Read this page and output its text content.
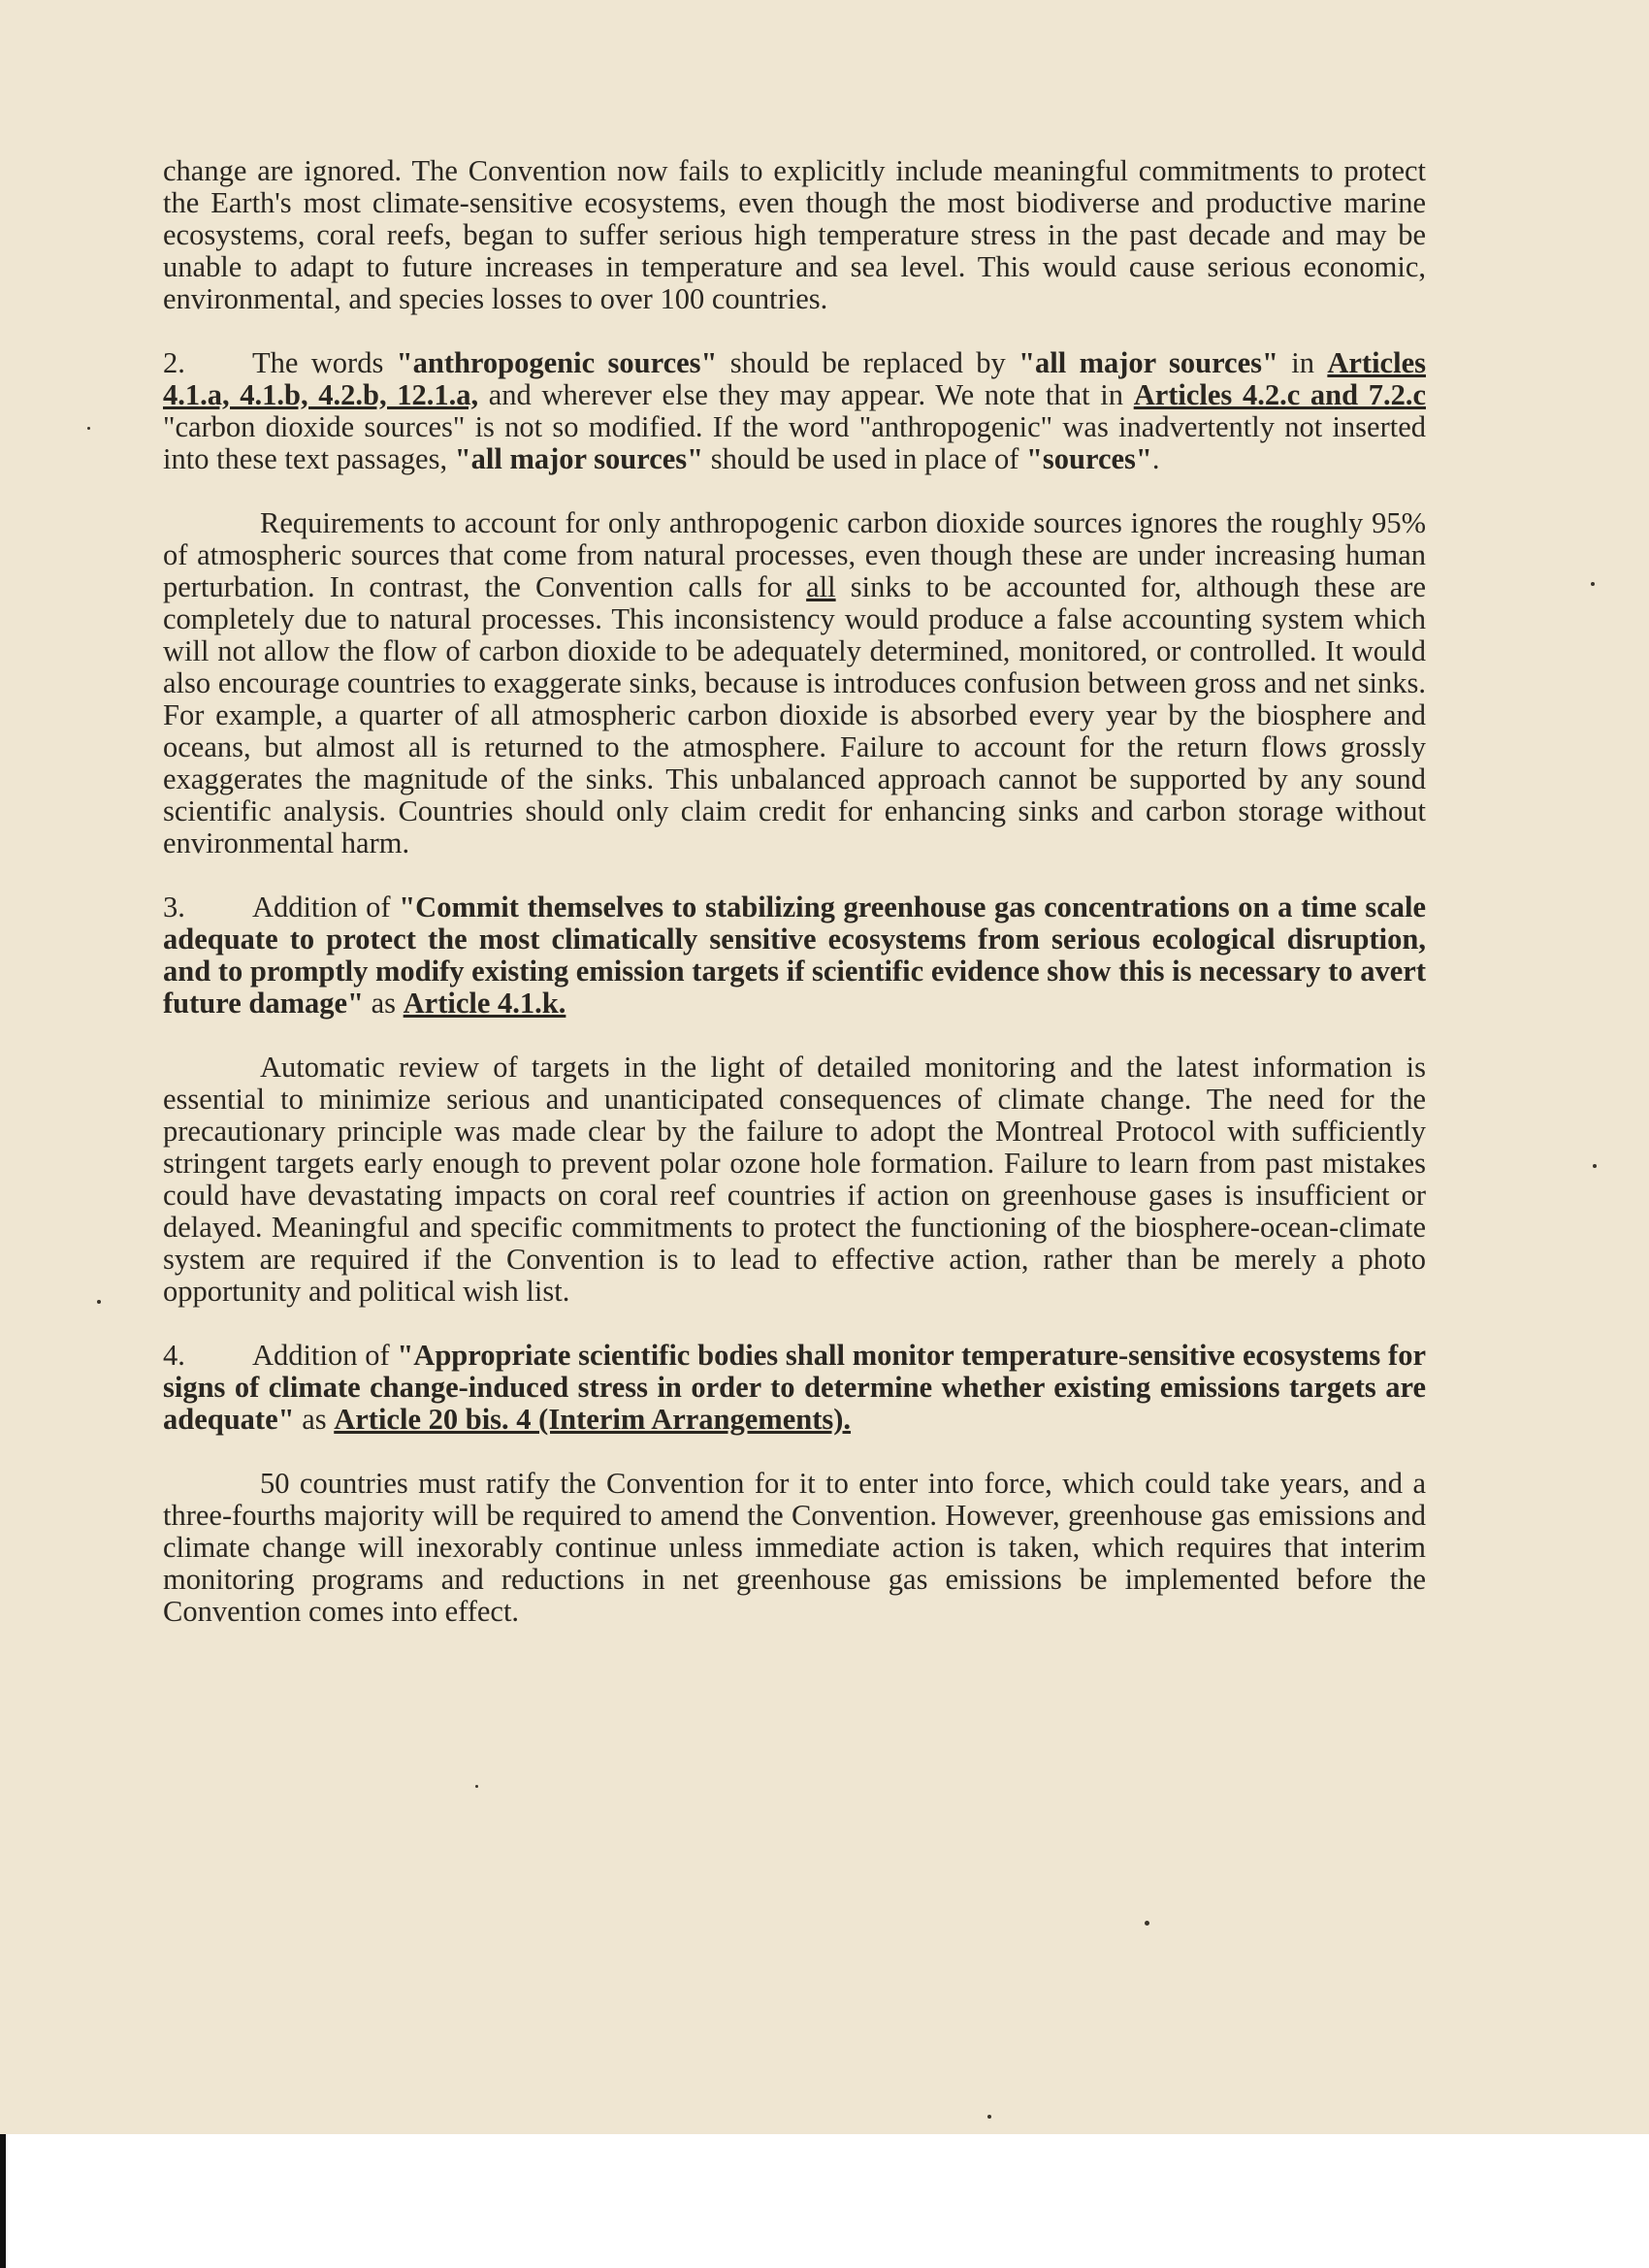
change are ignored. The Convention now fails to explicitly include meaningful commitments to protect the Earth's most climate-sensitive ecosystems, even though the most biodiverse and productive marine ecosystems, coral reefs, began to suffer serious high temperature stress in the past decade and may be unable to adapt to future increases in temperature and sea level. This would cause serious economic, environmental, and species losses to over 100 countries.

2. The words "anthropogenic sources" should be replaced by "all major sources" in Articles 4.1.a, 4.1.b, 4.2.b, 12.1.a, and wherever else they may appear. We note that in Articles 4.2.c and 7.2.c "carbon dioxide sources" is not so modified. If the word "anthropogenic" was inadvertently not inserted into these text passages, "all major sources" should be used in place of "sources".

Requirements to account for only anthropogenic carbon dioxide sources ignores the roughly 95% of atmospheric sources that come from natural processes, even though these are under increasing human perturbation. In contrast, the Convention calls for all sinks to be accounted for, although these are completely due to natural processes. This inconsistency would produce a false accounting system which will not allow the flow of carbon dioxide to be adequately determined, monitored, or controlled. It would also encourage countries to exaggerate sinks, because is introduces confusion between gross and net sinks. For example, a quarter of all atmospheric carbon dioxide is absorbed every year by the biosphere and oceans, but almost all is returned to the atmosphere. Failure to account for the return flows grossly exaggerates the magnitude of the sinks. This unbalanced approach cannot be supported by any sound scientific analysis. Countries should only claim credit for enhancing sinks and carbon storage without environmental harm.

3. Addition of "Commit themselves to stabilizing greenhouse gas concentrations on a time scale adequate to protect the most climatically sensitive ecosystems from serious ecological disruption, and to promptly modify existing emission targets if scientific evidence show this is necessary to avert future damage" as Article 4.1.k.

Automatic review of targets in the light of detailed monitoring and the latest information is essential to minimize serious and unanticipated consequences of climate change. The need for the precautionary principle was made clear by the failure to adopt the Montreal Protocol with sufficiently stringent targets early enough to prevent polar ozone hole formation. Failure to learn from past mistakes could have devastating impacts on coral reef countries if action on greenhouse gases is insufficient or delayed. Meaningful and specific commitments to protect the functioning of the biosphere-ocean-climate system are required if the Convention is to lead to effective action, rather than be merely a photo opportunity and political wish list.

4. Addition of "Appropriate scientific bodies shall monitor temperature-sensitive ecosystems for signs of climate change-induced stress in order to determine whether existing emissions targets are adequate" as Article 20 bis. 4 (Interim Arrangements).

50 countries must ratify the Convention for it to enter into force, which could take years, and a three-fourths majority will be required to amend the Convention. However, greenhouse gas emissions and climate change will inexorably continue unless immediate action is taken, which requires that interim monitoring programs and reductions in net greenhouse gas emissions be implemented before the Convention comes into effect.
